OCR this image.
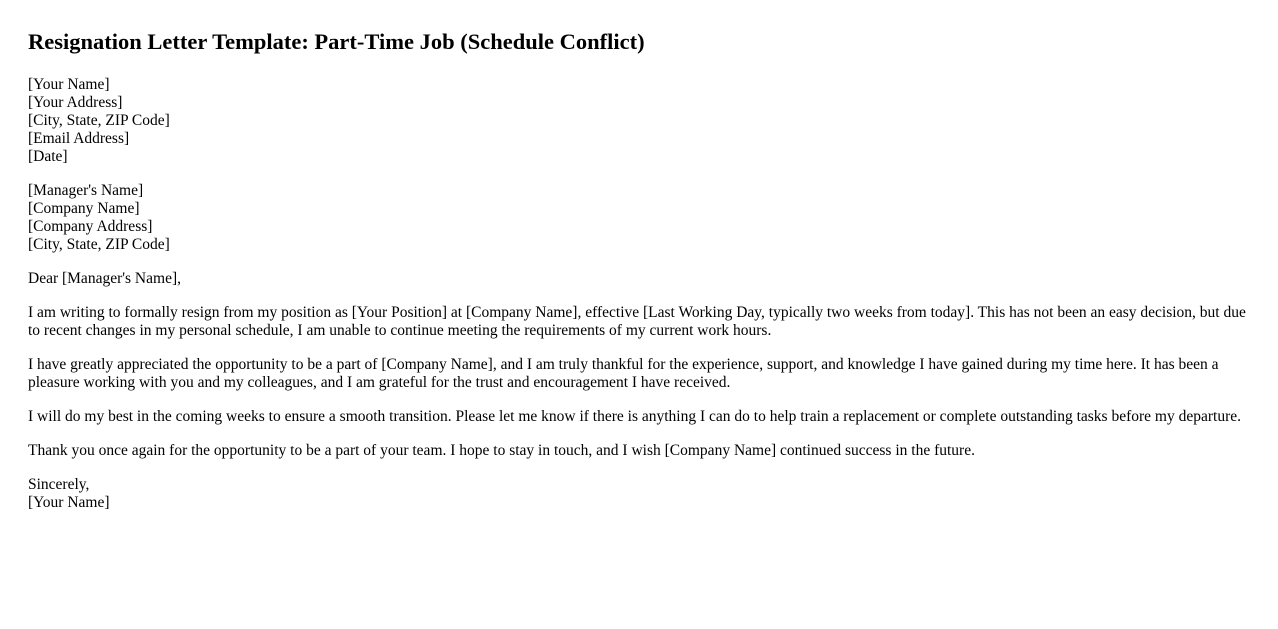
Resignation Letter Template: Part-Time Job (Schedule Conflict)
[Your Name]
[Your Address]
[City, State, ZIP Code]
[Email Address]
[Date]
[Manager's Name]
[Company Name]
[Company Address]
[City, State, ZIP Code]
Dear [Manager's Name],

I am writing to formally resign from my position as [Your Position] at [Company Name], effective [Last Working Day, typically two weeks from today]. This has not been an easy decision, but due to recent changes in my personal schedule, I am unable to continue meeting the requirements of my current work hours.

I have greatly appreciated the opportunity to be a part of [Company Name], and I am truly thankful for the experience, support, and knowledge I have gained during my time here. It has been a pleasure working with you and my colleagues, and I am grateful for the trust and encouragement I have received.

I will do my best in the coming weeks to ensure a smooth transition. Please let me know if there is anything I can do to help train a replacement or complete outstanding tasks before my departure.

Thank you once again for the opportunity to be a part of your team. I hope to stay in touch, and I wish [Company Name] continued success in the future.

Sincerely,
[Your Name]
